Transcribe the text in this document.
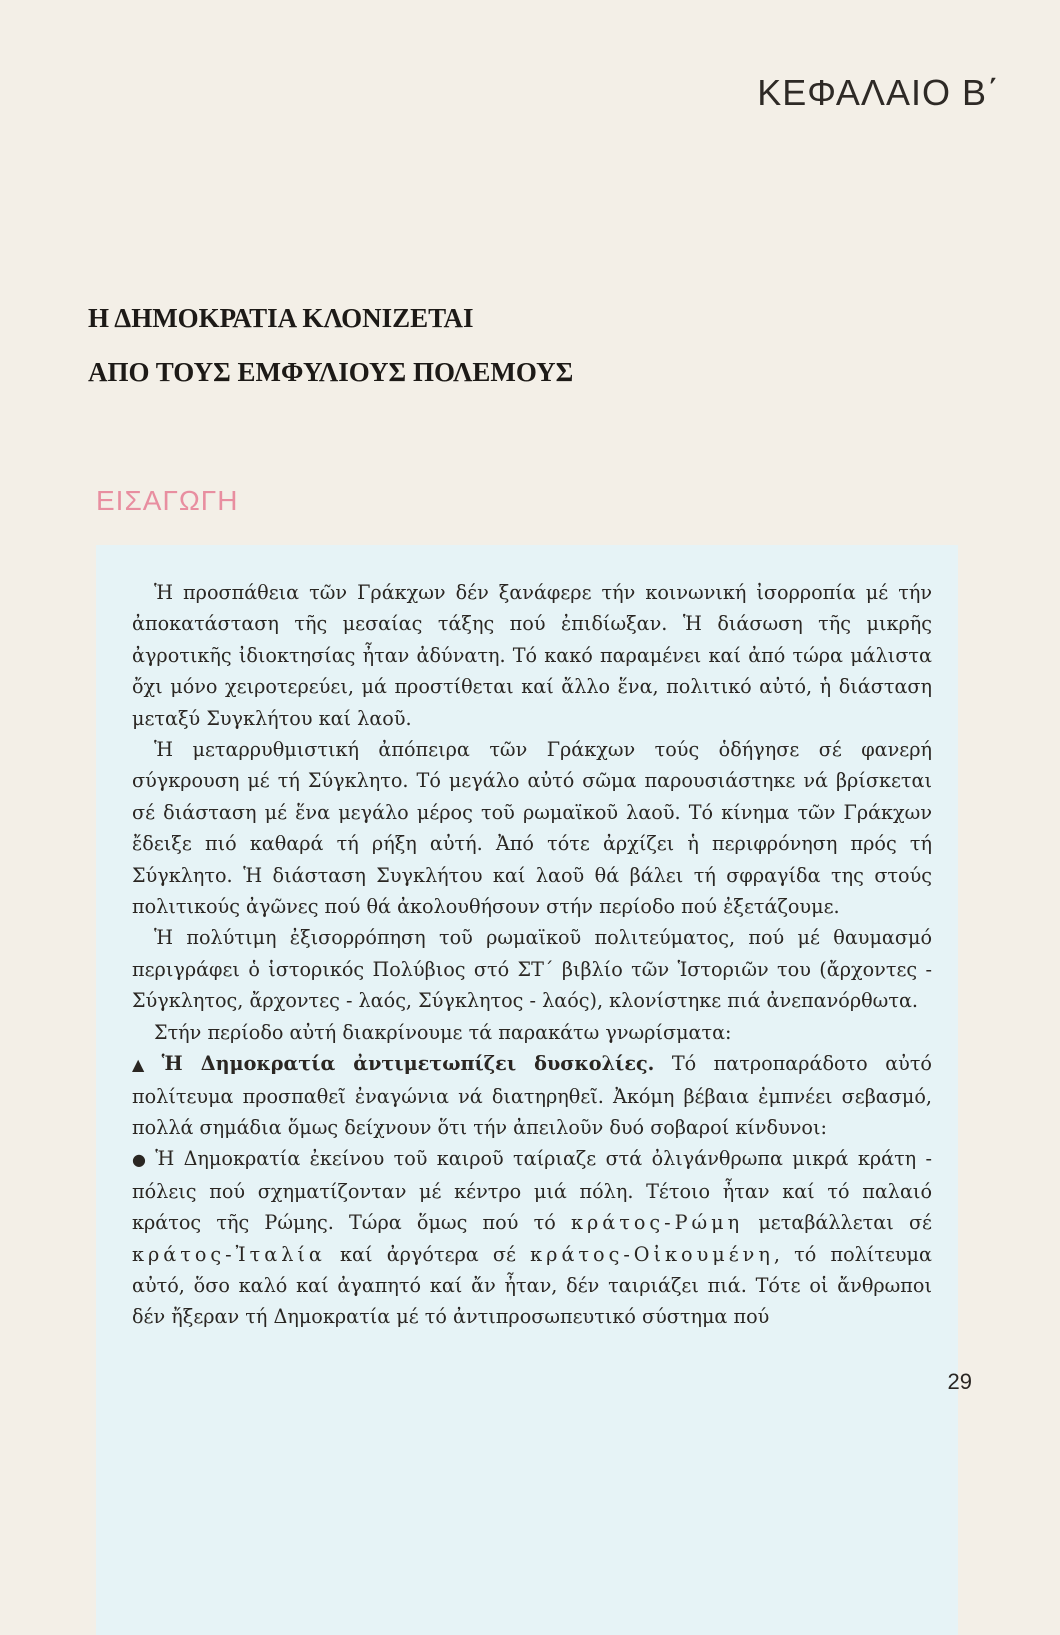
ΚΕΦΑΛΑΙΟ Β΄
Η ΔΗΜΟΚΡΑΤΙΑ ΚΛΟΝΙΖΕΤΑΙ
ΑΠΟ ΤΟΥΣ ΕΜΦΥΛΙΟΥΣ ΠΟΛΕΜΟΥΣ
ΕΙΣΑΓΩΓΗ

Ἡ προσπάθεια τῶν Γράκχων δέν ξανάφερε τήν κοινωνική ἰσορροπία μέ τήν ἀποκατάσταση τῆς μεσαίας τάξης πού ἐπιδίωξαν. Ἡ διάσωση τῆς μικρῆς ἀγροτικῆς ἰδιοκτησίας ἦταν ἀδύνατη. Τό κακό παραμένει καί ἀπό τώρα μάλιστα ὄχι μόνο χειροτερεύει, μά προστίθεται καί ἄλλο ἕνα, πολιτικό αὐτό, ἡ διάσταση μεταξύ Συγκλήτου καί λαοῦ.

Ἡ μεταρρυθμιστική ἀπόπειρα τῶν Γράκχων τούς ὁδήγησε σέ φανερή σύγκρουση μέ τή Σύγκλητο. Τό μεγάλο αὐτό σῶμα παρουσιάστηκε νά βρίσκεται σέ διάσταση μέ ἕνα μεγάλο μέρος τοῦ ρωμαϊκοῦ λαοῦ. Τό κίνημα τῶν Γράκχων ἔδειξε πιό καθαρά τή ρήξη αὐτή. Ἀπό τότε ἀρχίζει ἡ περιφρόνηση πρός τή Σύγκλητο. Ἡ διάσταση Συγκλήτου καί λαοῦ θά βάλει τή σφραγίδα της στούς πολιτικούς ἀγῶνες πού θά ἀκολουθήσουν στήν περίοδο πού ἐξετάζουμε.

Ἡ πολύτιμη ἐξισορρόπηση τοῦ ρωμαϊκοῦ πολιτεύματος, πού μέ θαυμασμό περιγράφει ὁ ἱστορικός Πολύβιος στό ΣΤ΄ βιβλίο τῶν Ἱστοριῶν του (ἄρχοντες - Σύγκλητος, ἄρχοντες - λαός, Σύγκλητος - λαός), κλονίστηκε πιά ἀνεπανόρθωτα.

Στήν περίοδο αὐτή διακρίνουμε τά παρακάτω γνωρίσματα:

▲ Ἡ Δημοκρατία ἀντιμετωπίζει δυσκολίες. Τό πατροπαράδοτο αὐτό πολίτευμα προσπαθεῖ ἐναγώνια νά διατηρηθεῖ. Ἀκόμη βέβαια ἐμπνέει σεβασμό, πολλά σημάδια ὅμως δείχνουν ὅτι τήν ἀπειλοῦν δυό σοβαροί κίνδυνοι:

● Ἡ Δημοκρατία ἐκείνου τοῦ καιροῦ ταίριαζε στά ὀλιγάνθρωπα μικρά κράτη - πόλεις πού σχηματίζονταν μέ κέντρο μιά πόλη. Τέτοιο ἦταν καί τό παλαιό κράτος τῆς Ρώμης. Τώρα ὅμως πού τό κράτος-Ρώμη μεταβάλλεται σέ κράτος-Ἰταλία καί ἀργότερα σέ κράτος-Οἰκουμένη, τό πολίτευμα αὐτό, ὅσο καλό καί ἀγαπητό καί ἄν ἦταν, δέν ταιριάζει πιά. Τότε οἱ ἄνθρωποι δέν ἤξεραν τή Δημοκρατία μέ τό ἀντιπροσωπευτικό σύστημα πού

29
